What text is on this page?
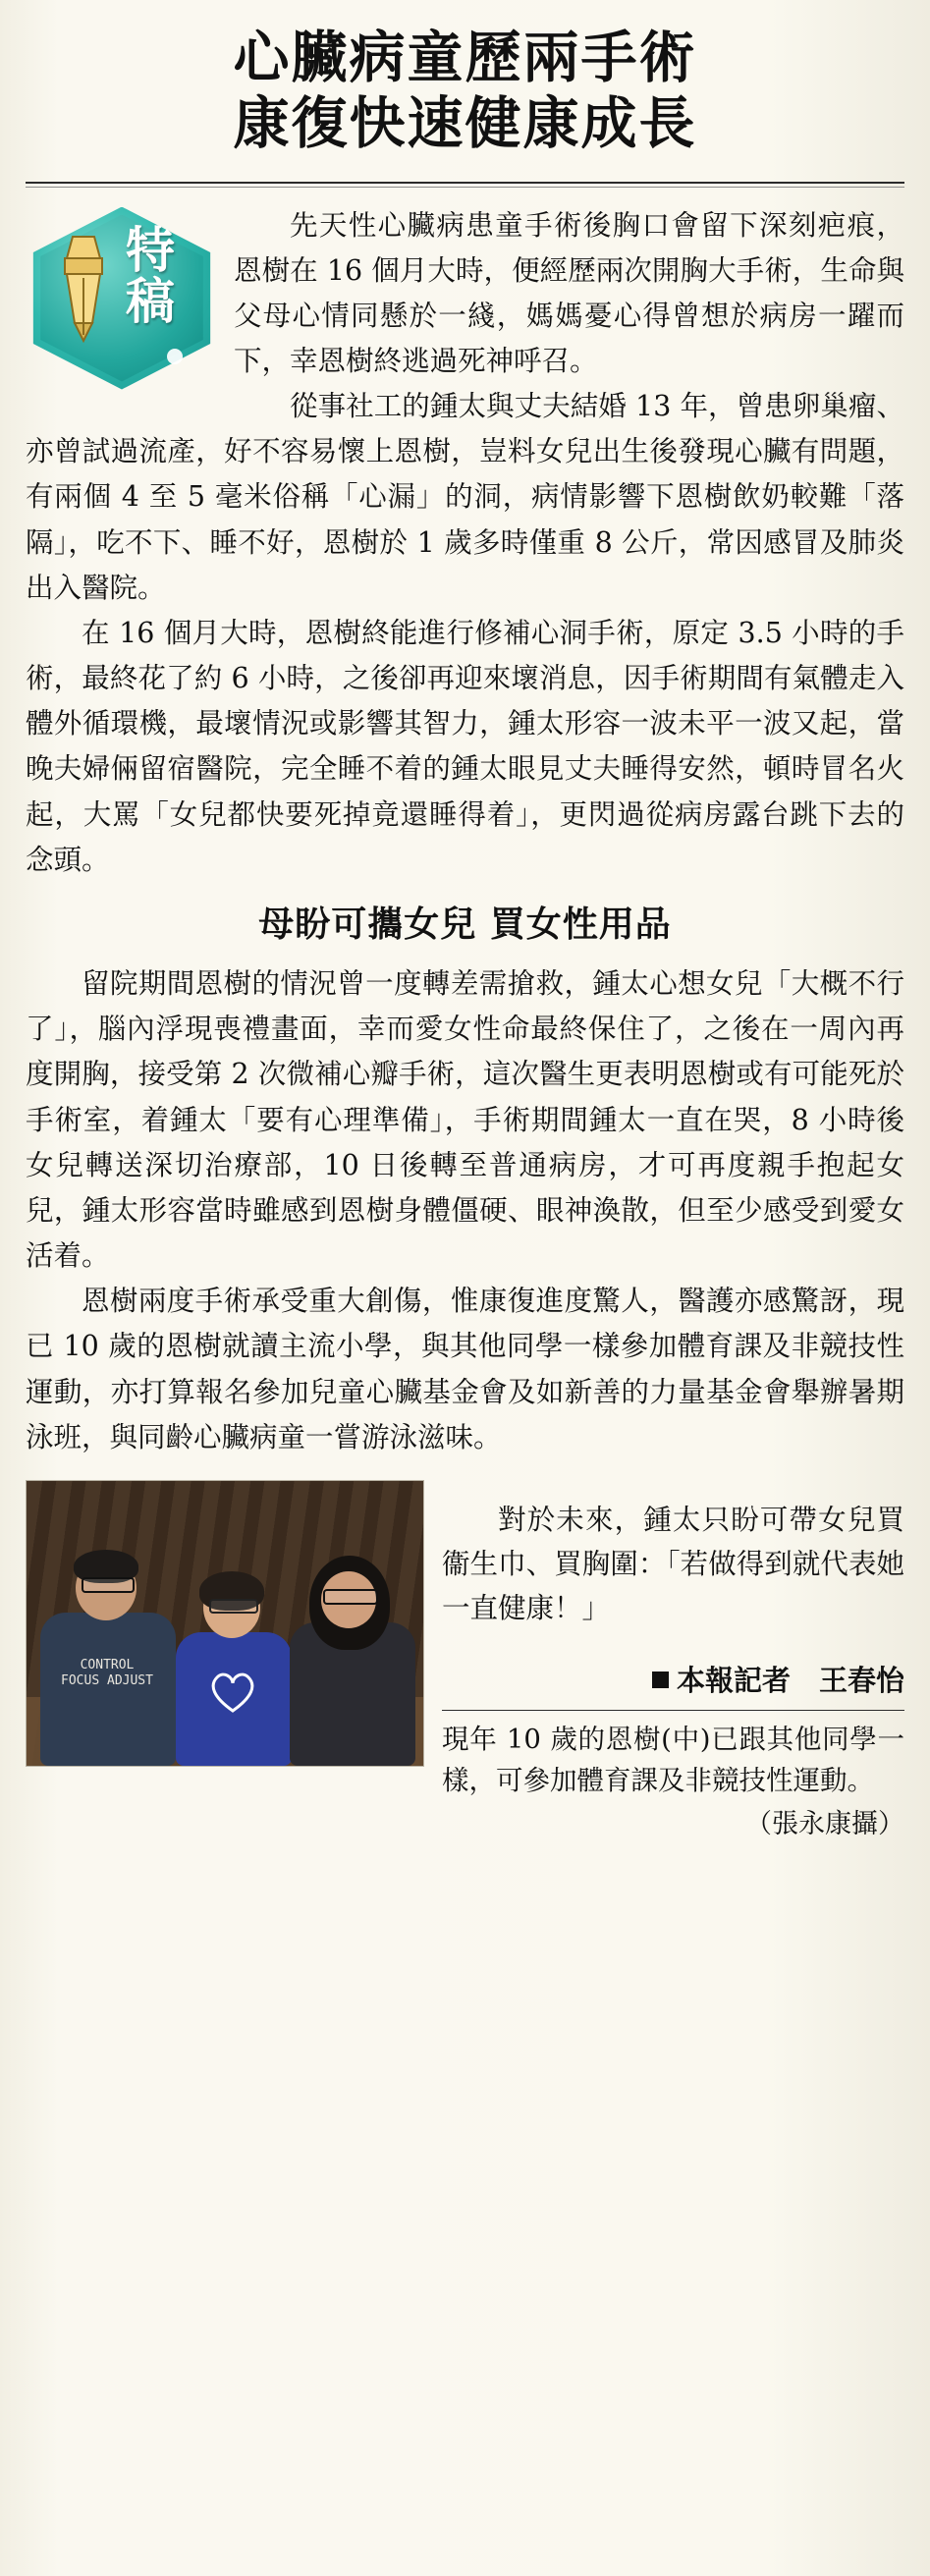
心臟病童歷兩手術
康復快速健康成長
特稿

先天性心臟病患童手術後胸口會留下深刻疤痕，恩樹在 16 個月大時，便經歷兩次開胸大手術，生命與父母心情同懸於一綫，媽媽憂心得曾想於病房一躍而下，幸恩樹終逃過死神呼召。

從事社工的鍾太與丈夫結婚 13 年，曾患卵巢瘤、亦曾試過流產，好不容易懷上恩樹，豈料女兒出生後發現心臟有問題，有兩個 4 至 5 毫米俗稱「心漏」的洞，病情影響下恩樹飲奶較難「落隔」，吃不下、睡不好，恩樹於 1 歲多時僅重 8 公斤，常因感冒及肺炎出入醫院。

在 16 個月大時，恩樹終能進行修補心洞手術，原定 3.5 小時的手術，最終花了約 6 小時，之後卻再迎來壞消息，因手術期間有氣體走入體外循環機，最壞情況或影響其智力，鍾太形容一波未平一波又起，當晚夫婦倆留宿醫院，完全睡不着的鍾太眼見丈夫睡得安然，頓時冒名火起，大罵「女兒都快要死掉竟還睡得着」，更閃過從病房露台跳下去的念頭。

母盼可攜女兒 買女性用品

留院期間恩樹的情況曾一度轉差需搶救，鍾太心想女兒「大概不行了」，腦內浮現喪禮畫面，幸而愛女性命最終保住了，之後在一周內再度開胸，接受第 2 次微補心瓣手術，這次醫生更表明恩樹或有可能死於手術室，着鍾太「要有心理準備」，手術期間鍾太一直在哭，8 小時後女兒轉送深切治療部，10 日後轉至普通病房，才可再度親手抱起女兒，鍾太形容當時雖感到恩樹身體僵硬、眼神渙散，但至少感受到愛女活着。

恩樹兩度手術承受重大創傷，惟康復進度驚人，醫護亦感驚訝，現已 10 歲的恩樹就讀主流小學，與其他同學一樣參加體育課及非競技性運動，亦打算報名參加兒童心臟基金會及如新善的力量基金會舉辦暑期泳班，與同齡心臟病童一嘗游泳滋味。

CONTROL FOCUS ADJUST

對於未來，鍾太只盼可帶女兒買衞生巾、買胸圍：「若做得到就代表她一直健康！」

本報記者　王春怡
現年 10 歲的恩樹(中)已跟其他同學一樣，可參加體育課及非競技性運動。
（張永康攝）
